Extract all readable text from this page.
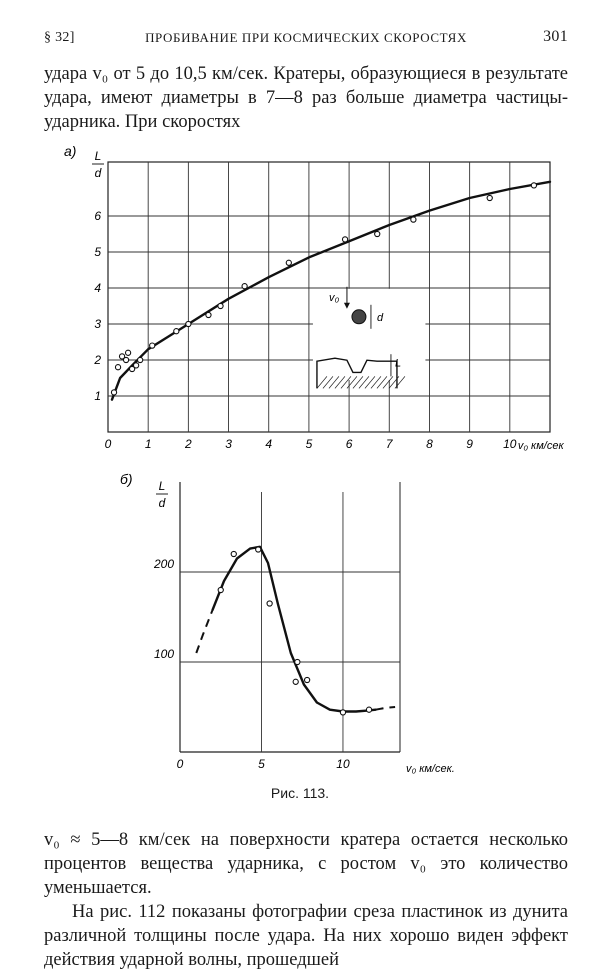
§ 32]	ПРОБИВАНИЕ ПРИ КОСМИЧЕСКИХ СКОРОСТЯХ	301
удара v₀ от 5 до 10,5 км/сек. Кратеры, образующиеся в результате удара, имеют диаметры в 7—8 раз больше диаметра частицы-ударника. При скоростях
0	1	2	3	4	5	6	7	8	9	10
1
2
3
4
5
6
а) L
d
v₀ км/сек
v₀
d
L
0	5	10
100
200
б) L
d
v₀ км/сек.
Рис. 113.
v₀ ≈ 5—8 км/сек на поверхности кратера остается несколько процентов вещества ударника, с ростом v₀ это количество уменьшается.
На рис. 112 показаны фотографии среза пластинок из дунита различной толщины после удара. На них хорошо виден эффект действия ударной волны, прошедшей
